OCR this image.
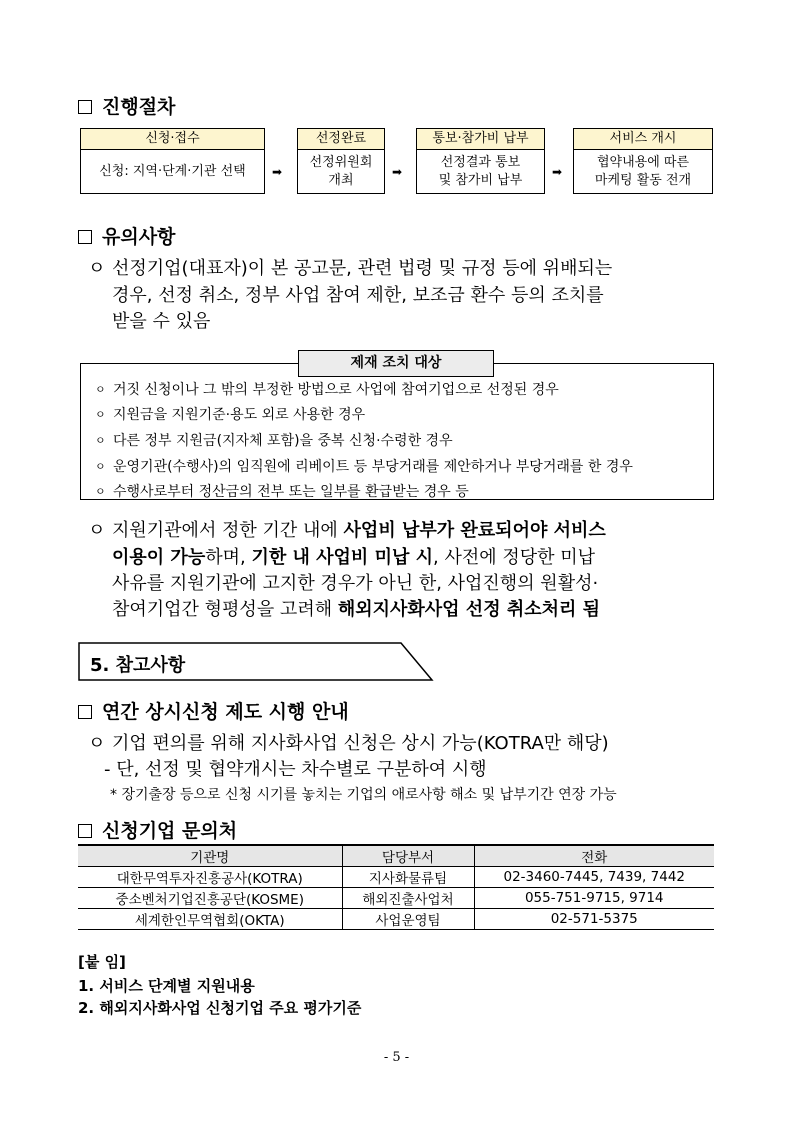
진행절차
신청·접수
신청: 지역·단계·기관 선택 ➡
선정완료
선정위원회
개최
➡
통보·참가비 납부
선정결과 통보
및 참가비 납부
➡
서비스 개시
협약내용에 따른
마케팅 활동 전개
유의사항
ㅇ 선정기업(대표자)이 본 공고문, 관련 법령 및 규정 등에 위배되는
경우, 선정 취소, 정부 사업 참여 제한, 보조금 환수 등의 조치를
받을 수 있음
제재 조치 대상
ㅇ 거짓 신청이나 그 밖의 부정한 방법으로 사업에 참여기업으로 선정된 경우
ㅇ 지원금을 지원기준·용도 외로 사용한 경우
ㅇ 다른 정부 지원금(지자체 포함)을 중복 신청·수령한 경우
ㅇ 운영기관(수행사)의 임직원에 리베이트 등 부당거래를 제안하거나 부당거래를 한 경우
ㅇ 수행사로부터 정산금의 전부 또는 일부를 환급받는 경우 등
ㅇ 지원기관에서 정한 기간 내에 사업비 납부가 완료되어야 서비스
이용이 가능하며, 기한 내 사업비 미납 시, 사전에 정당한 미납
사유를 지원기관에 고지한 경우가 아닌 한, 사업진행의 원활성·
참여기업간 형평성을 고려해 해외지사화사업 선정 취소처리 됨
5. 참고사항
연간 상시신청 제도 시행 안내
ㅇ 기업 편의를 위해 지사화사업 신청은 상시 가능(KOTRA만 해당)
- 단, 선정 및 협약개시는 차수별로 구분하여 시행
* 장기출장 등으로 신청 시기를 놓치는 기업의 애로사항 해소 및 납부기간 연장 가능
신청기업 문의처
기관명	담당부서	전화
대한무역투자진흥공사(KOTRA)	지사화물류팀	02-3460-7445, 7439, 7442
중소벤처기업진흥공단(KOSME)	해외진출사업처	055-751-9715, 9714
세계한인무역협회(OKTA)	사업운영팀	02-571-5375
[붙 임]
1. 서비스 단계별 지원내용
2. 해외지사화사업 신청기업 주요 평가기준
- 5 -
